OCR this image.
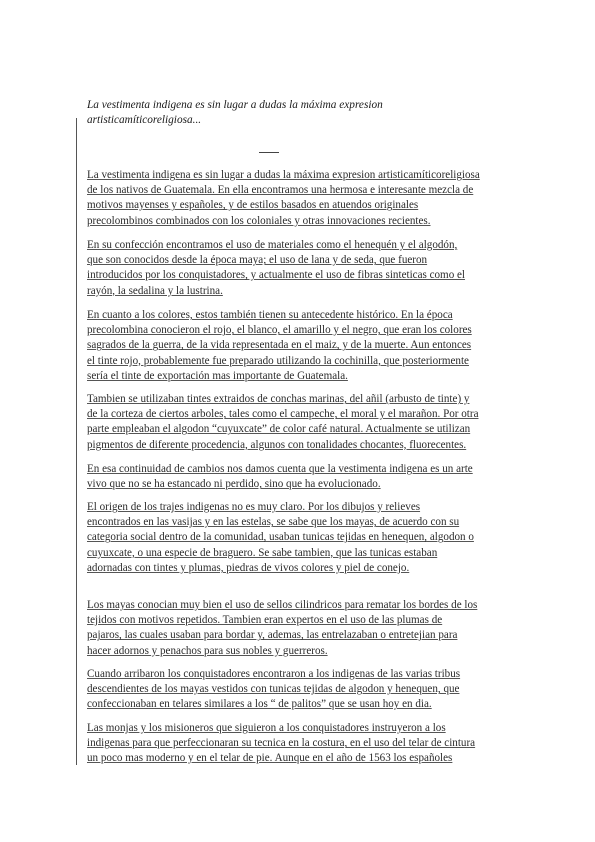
La vestimenta indigena es sin lugar a dudas la máxima expresion
artisticamíticoreligiosa...

La vestimenta indigena es sin lugar a dudas la máxima expresion artisticamíticoreligiosa
de los nativos de Guatemala. En ella encontramos una hermosa e interesante mezcla de
motivos mayenses y españoles, y de estilos basados en atuendos originales
precolombinos combinados con los coloniales y otras innovaciones recientes.

En su confección encontramos el uso de materiales como el henequén y el algodón,
que son conocidos desde la época maya; el uso de lana y de seda, que fueron
introducidos por los conquistadores, y actualmente el uso de fibras sinteticas como el
rayón, la sedalina y la lustrina.

En cuanto a los colores, estos también tienen su antecedente histórico. En la época
precolombina conocieron el rojo, el blanco, el amarillo y el negro, que eran los colores
sagrados de la guerra, de la vida representada en el maiz, y de la muerte. Aun entonces
el tinte rojo, probablemente fue preparado utilizando la cochinilla, que posteriormente
sería el tinte de exportación mas importante de Guatemala.

Tambien se utilizaban tintes extraidos de conchas marinas, del añil (arbusto de tinte) y
de la corteza de ciertos arboles, tales como el campeche, el moral y el marañon. Por otra
parte empleaban el algodon “cuyuxcate” de color café natural. Actualmente se utilizan
pigmentos de diferente procedencia, algunos con tonalidades chocantes, fluorecentes.

En esa continuidad de cambios nos damos cuenta que la vestimenta indigena es un arte
vivo que no se ha estancado ni perdido, sino que ha evolucionado.

El origen de los trajes indigenas no es muy claro. Por los dibujos y relieves
encontrados en las vasijas y en las estelas, se sabe que los mayas, de acuerdo con su
categoria social dentro de la comunidad, usaban tunicas tejidas en henequen, algodon o
cuyuxcate, o una especie de braguero. Se sabe tambien, que las tunicas estaban
adornadas con tintes y plumas, piedras de vivos colores y piel de conejo.

Los mayas conocian muy bien el uso de sellos cilindricos para rematar los bordes de los
tejidos con motivos repetidos. Tambien eran expertos en el uso de las plumas de
pajaros, las cuales usaban para bordar y, ademas, las entrelazaban o entretejian para
hacer adornos y penachos para sus nobles y guerreros.

Cuando arribaron los conquistadores encontraron a los indigenas de las varias tribus
descendientes de los mayas vestidos con tunicas tejidas de algodon y henequen, que
confeccionaban en telares similares a los “ de palitos” que se usan hoy en dia.

Las monjas y los misioneros que siguieron a los conquistadores instruyeron a los
indigenas para que perfeccionaran su tecnica en la costura, en el uso del telar de cintura
un poco mas moderno y en el telar de pie. Aunque en el año de 1563 los españoles
